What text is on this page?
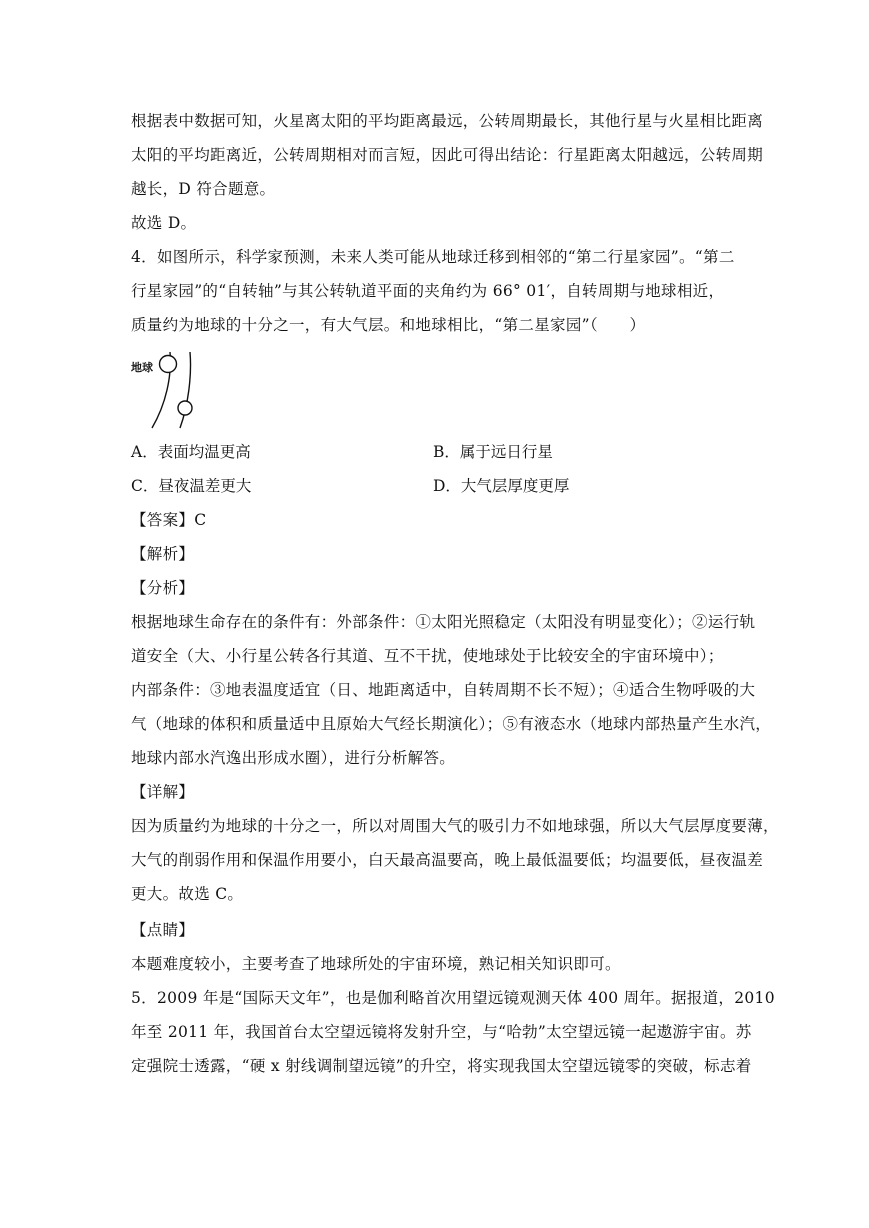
根据表中数据可知，火星离太阳的平均距离最远，公转周期最长，其他行星与火星相比距离
太阳的平均距离近，公转周期相对而言短，因此可得出结论：行星距离太阳越远，公转周期
越长，D 符合题意。
故选 D。
4．如图所示，科学家预测，未来人类可能从地球迁移到相邻的“第二行星家园”。“第二
行星家园”的“自转轴”与其公转轨道平面的夹角约为 66° 01′，自转周期与地球相近，
质量约为地球的十分之一，有大气层。和地球相比，“第二星家园”（　　）
地球
A．表面均温更高	B．属于远日行星
C．昼夜温差更大	D．大气层厚度更厚
【答案】C
【解析】
【分析】
根据地球生命存在的条件有：外部条件：①太阳光照稳定（太阳没有明显变化）；②运行轨
道安全（大、小行星公转各行其道、互不干扰，使地球处于比较安全的宇宙环境中）；
内部条件：③地表温度适宜（日、地距离适中，自转周期不长不短）；④适合生物呼吸的大
气（地球的体积和质量适中且原始大气经长期演化）；⑤有液态水（地球内部热量产生水汽，
地球内部水汽逸出形成水圈），进行分析解答。
【详解】
因为质量约为地球的十分之一，所以对周围大气的吸引力不如地球强，所以大气层厚度要薄，
大气的削弱作用和保温作用要小，白天最高温要高，晚上最低温要低；均温要低，昼夜温差
更大。故选 C。
【点睛】
本题难度较小，主要考查了地球所处的宇宙环境，熟记相关知识即可。
5．2009 年是“国际天文年”，也是伽利略首次用望远镜观测天体 400 周年。据报道，2010
年至 2011 年，我国首台太空望远镜将发射升空，与“哈勃”太空望远镜一起遨游宇宙。苏
定强院士透露，“硬 x 射线调制望远镜”的升空，将实现我国太空望远镜零的突破，标志着
